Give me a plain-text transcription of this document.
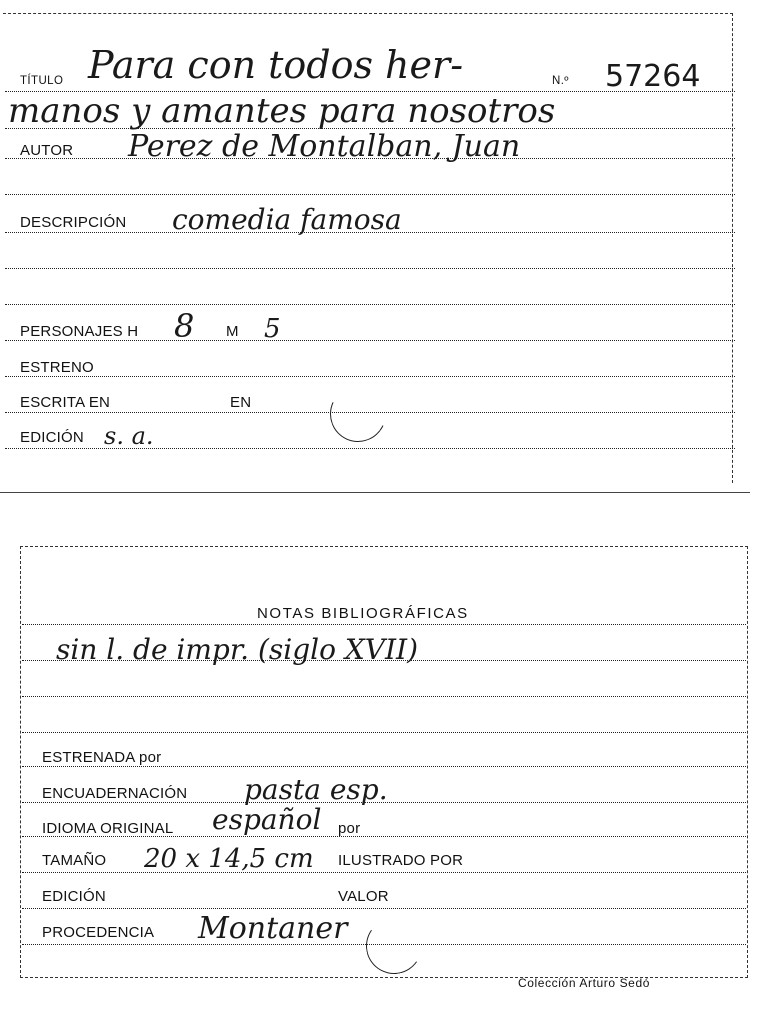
TÍTULO Para con todos her-	N.º 57264
manos y amantes para nosotros
AUTOR Perez de Montalban, Juan
DESCRIPCIÓN comedia famosa
PERSONAJES H 8 M 5
ESTRENO
ESCRITA EN	EN
EDICIÓN s. a.
NOTAS BIBLIOGRÁFICAS
sin l. de impr. (siglo XVII)
ESTRENADA por
ENCUADERNACIÓN pasta esp.
IDIOMA ORIGINAL español por
TAMAÑO 20 x 14,5 cm ILUSTRADO POR
EDICIÓN	VALOR
PROCEDENCIA Montaner
Colección Arturo Sedó
